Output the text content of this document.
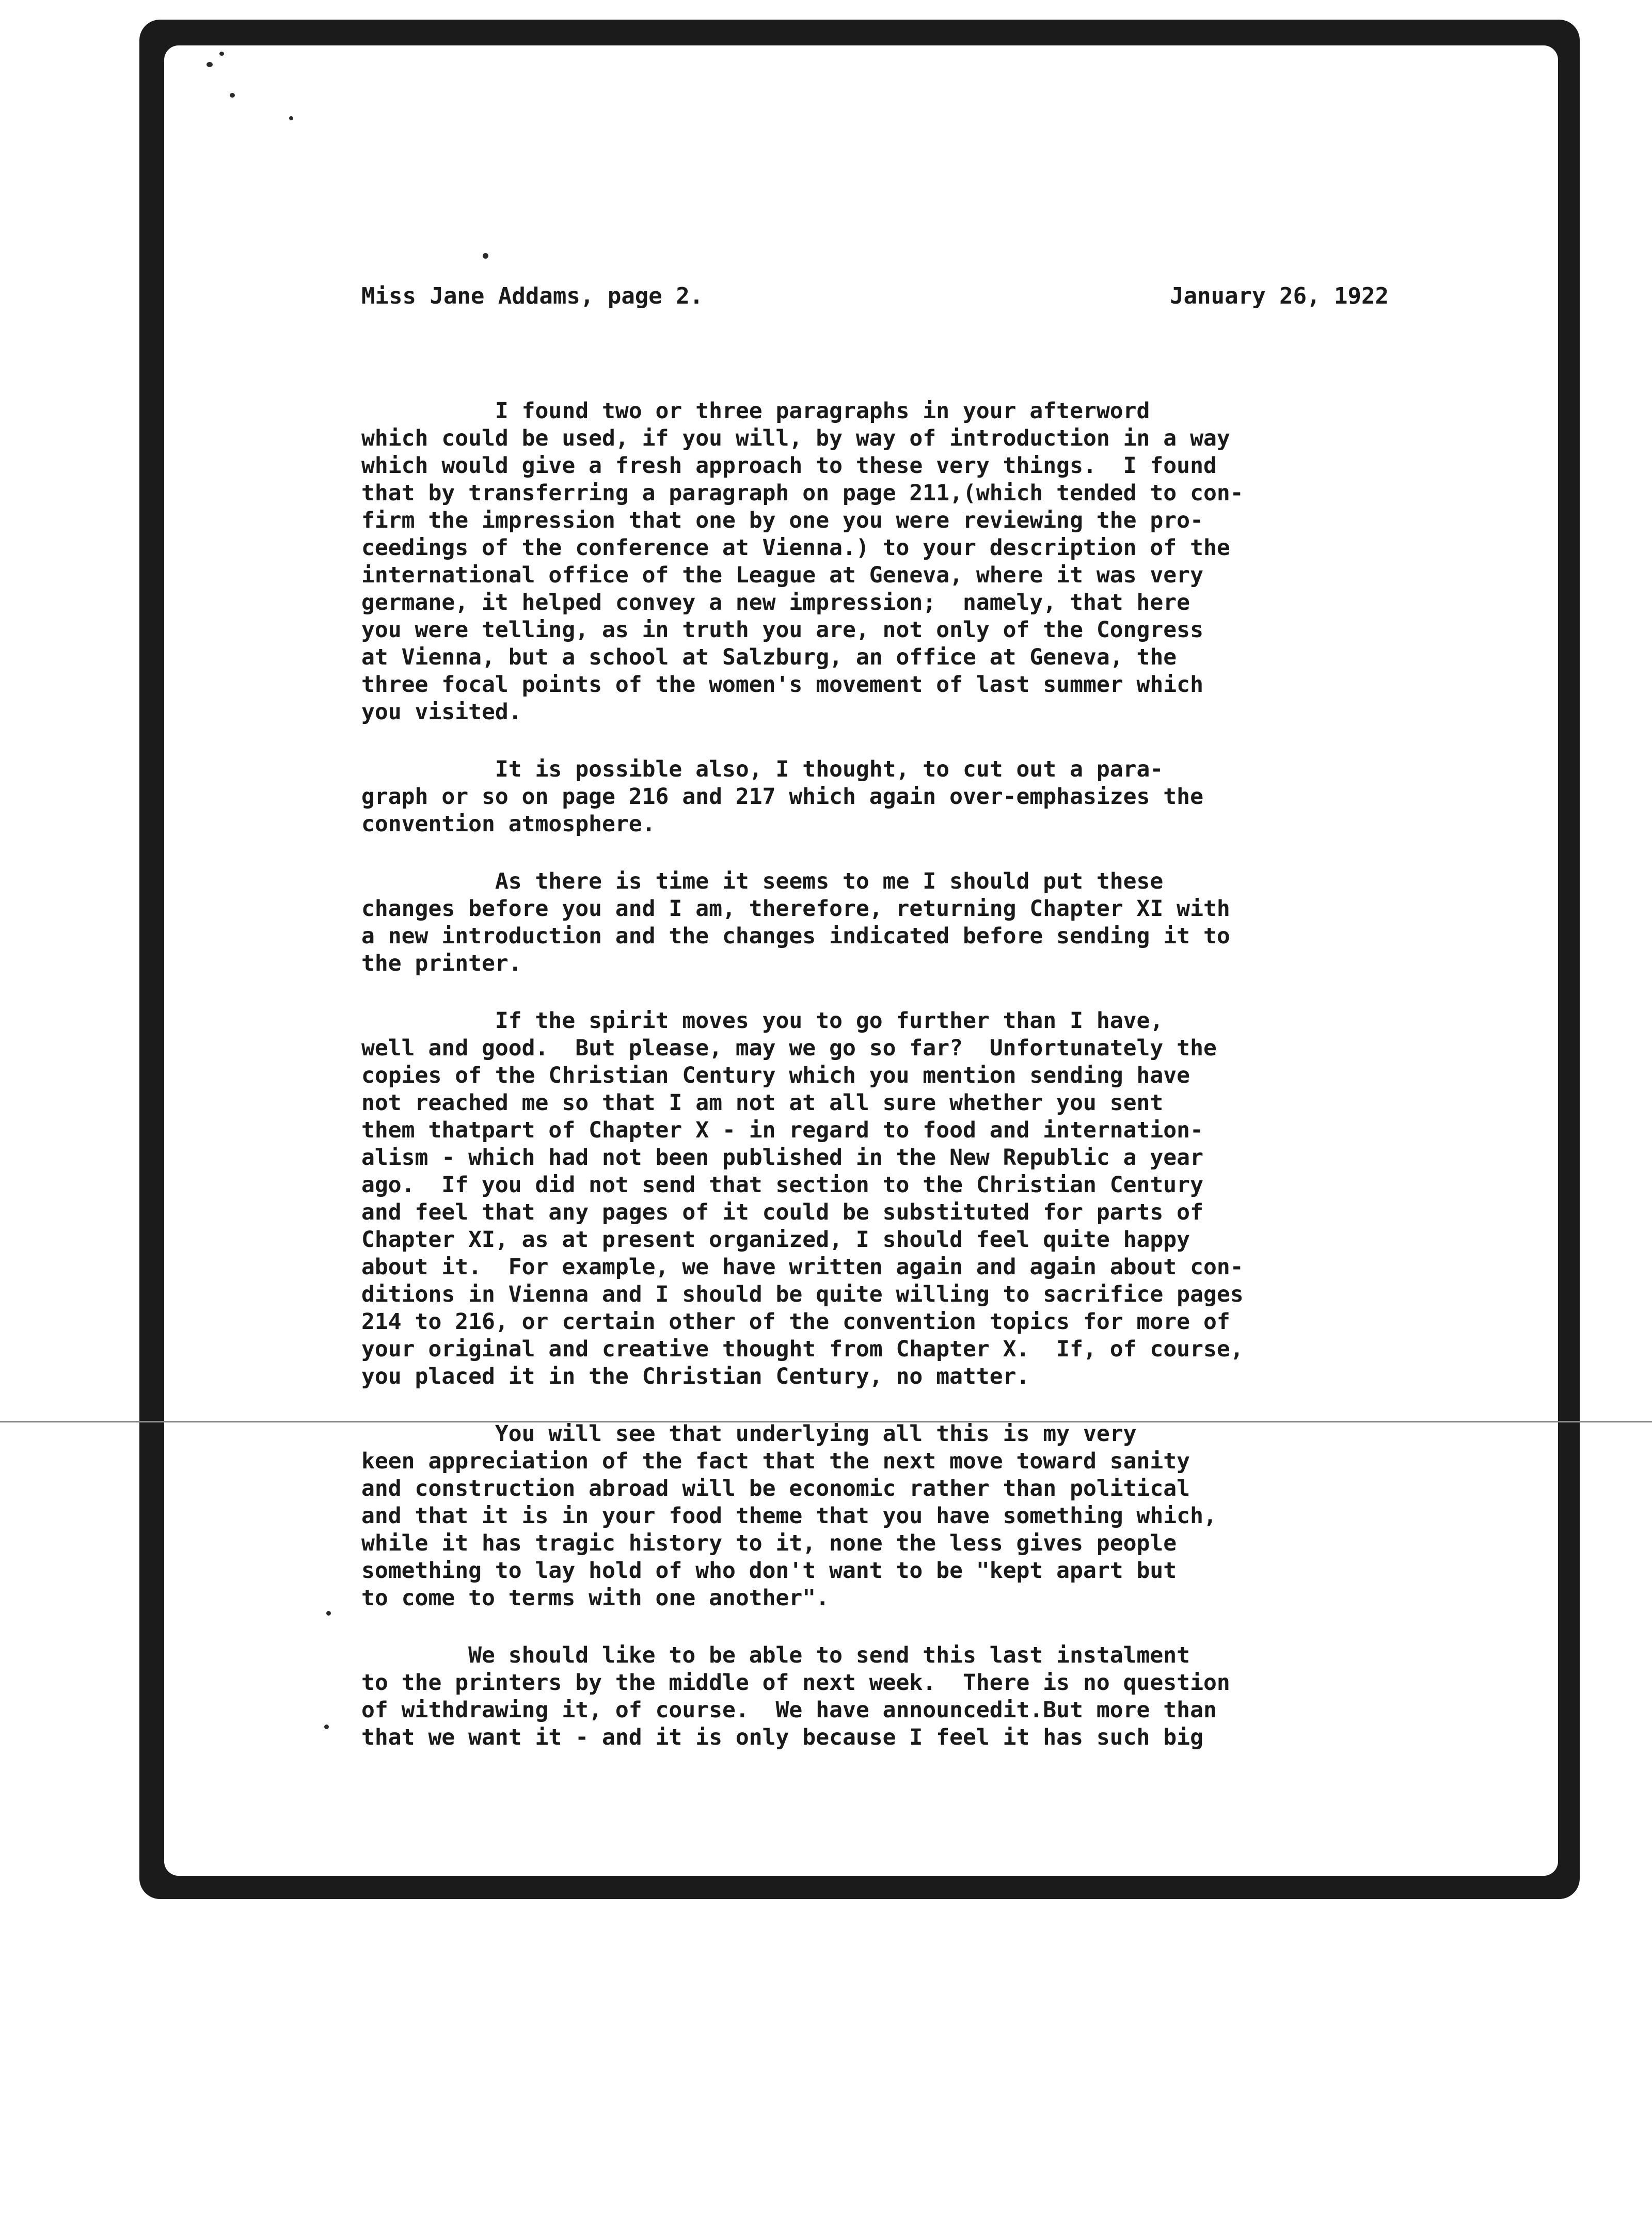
Miss Jane Addams, page 2.	January 26, 1922
I found two or three paragraphs in your afterword
which could be used, if you will, by way of introduction in a way
which would give a fresh approach to these very things.  I found
that by transferring a paragraph on page 211,(which tended to con-
firm the impression that one by one you were reviewing the pro-
ceedings of the conference at Vienna.) to your description of the
international office of the League at Geneva, where it was very
germane, it helped convey a new impression;  namely, that here
you were telling, as in truth you are, not only of the Congress
at Vienna, but a school at Salzburg, an office at Geneva, the
three focal points of the women's movement of last summer which
you visited.
It is possible also, I thought, to cut out a para-
graph or so on page 216 and 217 which again over-emphasizes the
convention atmosphere.
As there is time it seems to me I should put these
changes before you and I am, therefore, returning Chapter XI with
a new introduction and the changes indicated before sending it to
the printer.
If the spirit moves you to go further than I have,
well and good.  But please, may we go so far?  Unfortunately the
copies of the Christian Century which you mention sending have
not reached me so that I am not at all sure whether you sent
them thatpart of Chapter X - in regard to food and internation-
alism - which had not been published in the New Republic a year
ago.  If you did not send that section to the Christian Century
and feel that any pages of it could be substituted for parts of
Chapter XI, as at present organized, I should feel quite happy
about it.  For example, we have written again and again about con-
ditions in Vienna and I should be quite willing to sacrifice pages
214 to 216, or certain other of the convention topics for more of
your original and creative thought from Chapter X.  If, of course,
you placed it in the Christian Century, no matter.
You will see that underlying all this is my very
keen appreciation of the fact that the next move toward sanity
and construction abroad will be economic rather than political
and that it is in your food theme that you have something which,
while it has tragic history to it, none the less gives people
something to lay hold of who don't want to be "kept apart but
to come to terms with one another".
We should like to be able to send this last instalment
to the printers by the middle of next week.  There is no question
of withdrawing it, of course.  We have announcedit.But more than
that we want it - and it is only because I feel it has such big
